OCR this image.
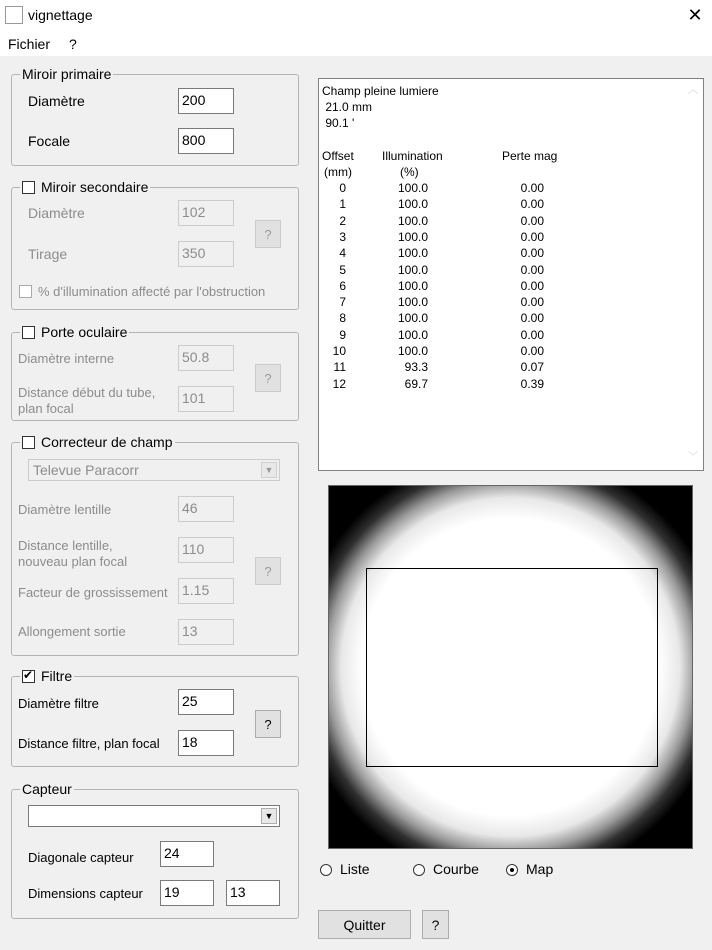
vignettage	✕
Fichier ?
Miroir primaire
Diamètre	200
Focale	800
Miroir secondaire
Diamètre	102
?
Tirage	350
% d'illumination affecté par l'obstruction
Porte oculaire
Diamètre interne	50.8
?
Distance début du tube,
plan focal
101
Correcteur de champ
Televue Paracorr	▼
Diamètre lentille	46
Distance lentille,
nouveau plan focal
110
?
Facteur de grossissement 1.15
Allongement sortie	13
✔Filtre
Diamètre filtre	25
?
Distance filtre, plan focal 18
Capteur
▼
Diagonale capteur 24
Dimensions capteur 19	13
Champ pleine lumiere
21.0 mm
90.1 '
Offset Illumination	Perte mag
(mm)	(%)
0	100.0	0.00
1	100.0	0.00
2	100.0	0.00
3	100.0	0.00
4	100.0	0.00
5	100.0	0.00
6	100.0	0.00
7	100.0	0.00
8	100.0	0.00
9	100.0	0.00
10	100.0	0.00
11	93.3	0.07
12	69.7	0.39
︿
﹀
Liste	Courbe	Map
Quitter	?
